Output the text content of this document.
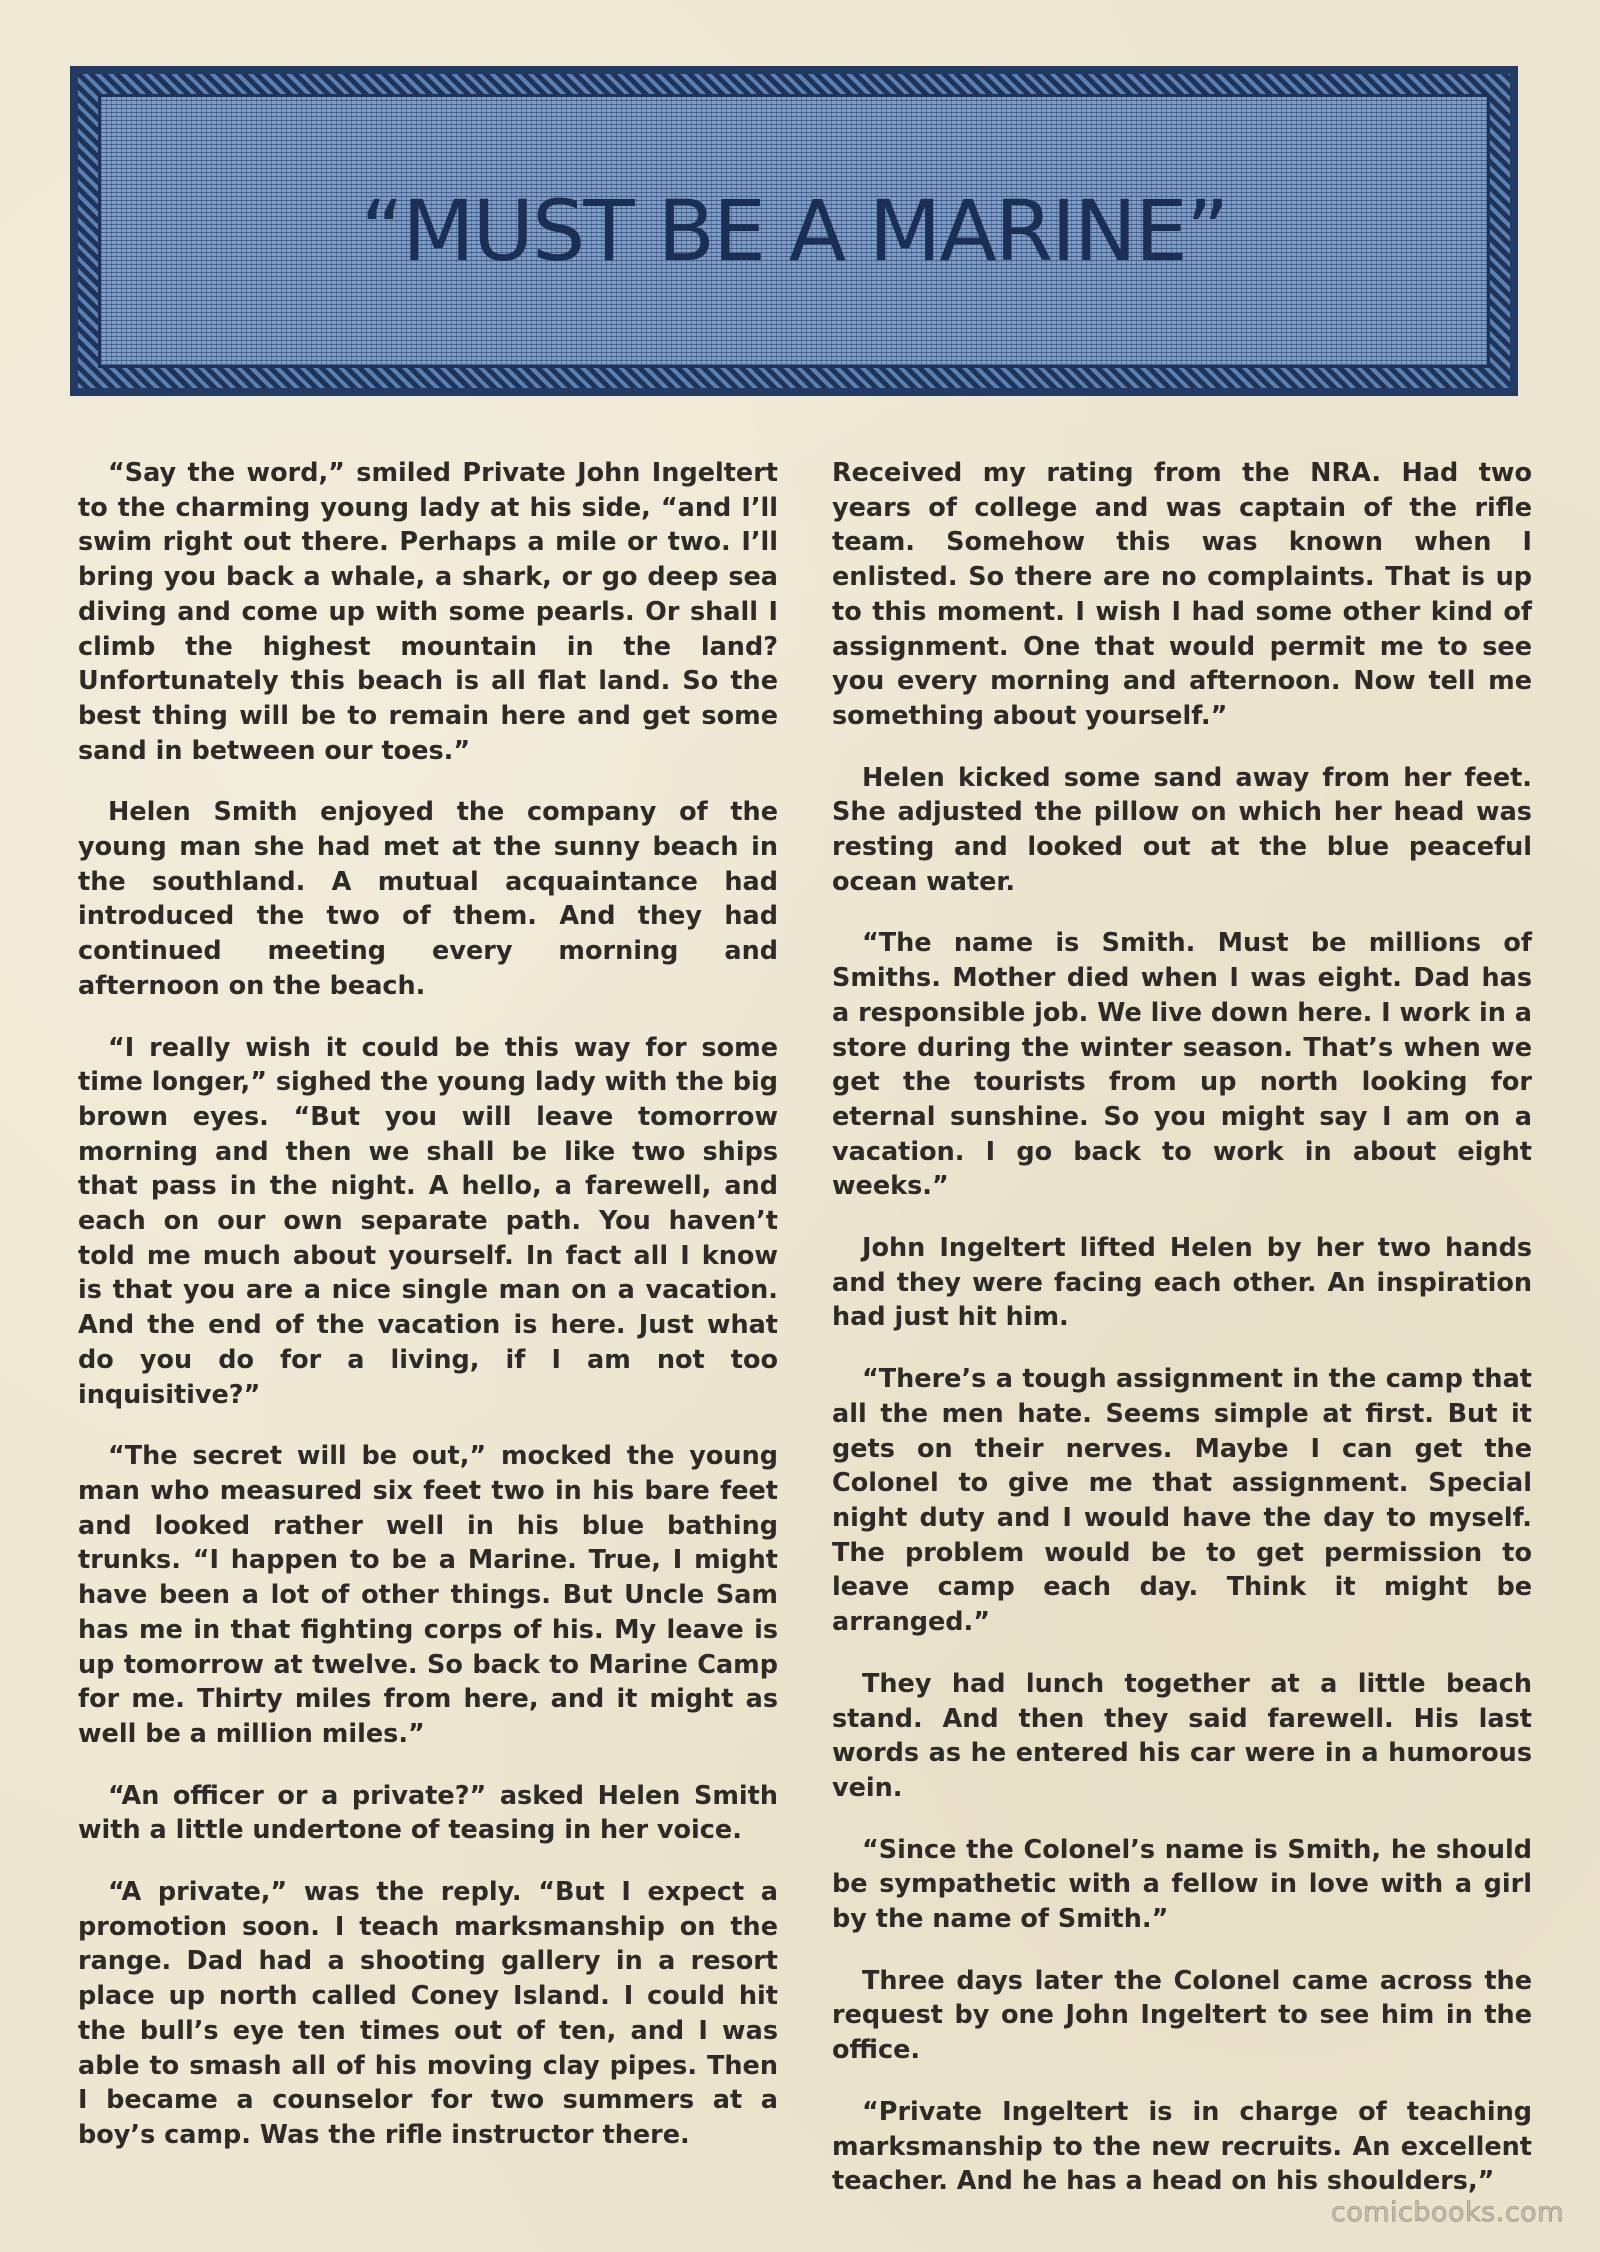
“MUST BE A MARINE”

“Say the word,” smiled Private John Ingeltert to the charming young lady at his side, “and I’ll swim right out there. Perhaps a mile or two. I’ll bring you back a whale, a shark, or go deep sea diving and come up with some pearls. Or shall I climb the highest mountain in the land? Unfortunately this beach is all flat land. So the best thing will be to remain here and get some sand in between our toes.”

Helen Smith enjoyed the company of the young man she had met at the sunny beach in the southland. A mutual acquaintance had introduced the two of them. And they had continued meeting every morning and afternoon on the beach.

“I really wish it could be this way for some time longer,” sighed the young lady with the big brown eyes. “But you will leave tomorrow morning and then we shall be like two ships that pass in the night. A hello, a farewell, and each on our own separate path. You haven’t told me much about yourself. In fact all I know is that you are a nice single man on a vacation. And the end of the vacation is here. Just what do you do for a living, if I am not too inquisitive?”

“The secret will be out,” mocked the young man who measured six feet two in his bare feet and looked rather well in his blue bathing trunks. “I happen to be a Marine. True, I might have been a lot of other things. But Uncle Sam has me in that fighting corps of his. My leave is up tomorrow at twelve. So back to Marine Camp for me. Thirty miles from here, and it might as well be a million miles.”

“An officer or a private?” asked Helen Smith with a little undertone of teasing in her voice.

“A private,” was the reply. “But I expect a promotion soon. I teach marksmanship on the range. Dad had a shooting gallery in a resort place up north called Coney Island. I could hit the bull’s eye ten times out of ten, and I was able to smash all of his moving clay pipes. Then I became a counselor for two summers at a boy’s camp. Was the rifle instructor there.

Received my rating from the NRA. Had two years of college and was captain of the rifle team. Somehow this was known when I enlisted. So there are no complaints. That is up to this moment. I wish I had some other kind of assignment. One that would permit me to see you every morning and afternoon. Now tell me something about yourself.”

Helen kicked some sand away from her feet. She adjusted the pillow on which her head was resting and looked out at the blue peaceful ocean water.

“The name is Smith. Must be millions of Smiths. Mother died when I was eight. Dad has a responsible job. We live down here. I work in a store during the winter season. That’s when we get the tourists from up north looking for eternal sunshine. So you might say I am on a vacation. I go back to work in about eight weeks.”

John Ingeltert lifted Helen by her two hands and they were facing each other. An inspiration had just hit him.

“There’s a tough assignment in the camp that all the men hate. Seems simple at first. But it gets on their nerves. Maybe I can get the Colonel to give me that assignment. Special night duty and I would have the day to myself. The problem would be to get permission to leave camp each day. Think it might be arranged.”

They had lunch together at a little beach stand. And then they said farewell. His last words as he entered his car were in a humorous vein.

“Since the Colonel’s name is Smith, he should be sympathetic with a fellow in love with a girl by the name of Smith.”

Three days later the Colonel came across the request by one John Ingeltert to see him in the office.

“Private Ingeltert is in charge of teaching marksmanship to the new recruits. An excellent teacher. And he has a head on his shoulders,”

comicbooks.com
